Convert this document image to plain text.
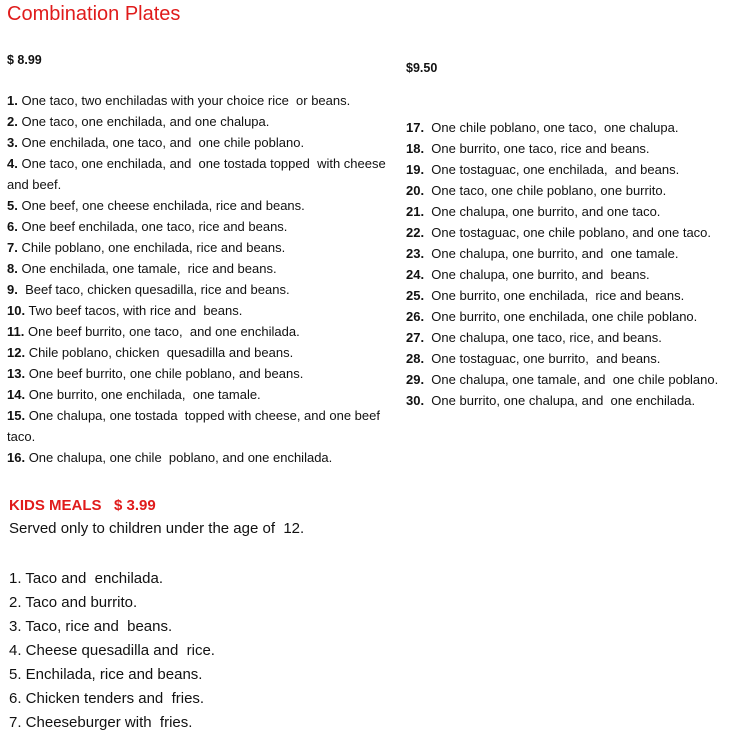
Combination Plates
$ 8.99
$9.50
1. One taco, two enchiladas with your choice rice  or beans.
2. One taco, one enchilada, and one chalupa.
3. One enchilada, one taco, and  one chile poblano.
4. One taco, one enchilada, and  one tostada topped  with cheese  and beef.
5. One beef, one cheese enchilada, rice and beans.
6. One beef enchilada, one taco, rice and beans.
7. Chile poblano, one enchilada, rice and beans.
8. One enchilada, one tamale,  rice and beans.
9.  Beef taco, chicken quesadilla, rice and beans.
10. Two beef tacos, with rice and  beans.
11. One beef burrito, one taco,  and one enchilada.
12. Chile poblano, chicken  quesadilla and beans.
13. One beef burrito, one chile poblano, and beans.
14. One burrito, one enchilada,  one tamale.
15. One chalupa, one tostada  topped with cheese, and one beef taco.
16. One chalupa, one chile  poblano, and one enchilada.
17.  One chile poblano, one taco,  one chalupa.
18.  One burrito, one taco, rice and beans.
19.  One tostaguac, one enchilada,  and beans.
20.  One taco, one chile poblano, one burrito.
21.  One chalupa, one burrito, and one taco.
22.  One tostaguac, one chile poblano, and one taco.
23.  One chalupa, one burrito, and  one tamale.
24.  One chalupa, one burrito, and  beans.
25.  One burrito, one enchilada,  rice and beans.
26.  One burrito, one enchilada, one chile poblano.
27.  One chalupa, one taco, rice, and beans.
28.  One tostaguac, one burrito,  and beans.
29.  One chalupa, one tamale, and  one chile poblano.
30.  One burrito, one chalupa, and  one enchilada.
KIDS MEALS   $ 3.99
Served only to children under the age of  12.
1. Taco and  enchilada.
2. Taco and burrito.
3. Taco, rice and  beans.
4. Cheese quesadilla and  rice.
5. Enchilada, rice and beans.
6. Chicken tenders and  fries.
7. Cheeseburger with  fries.
